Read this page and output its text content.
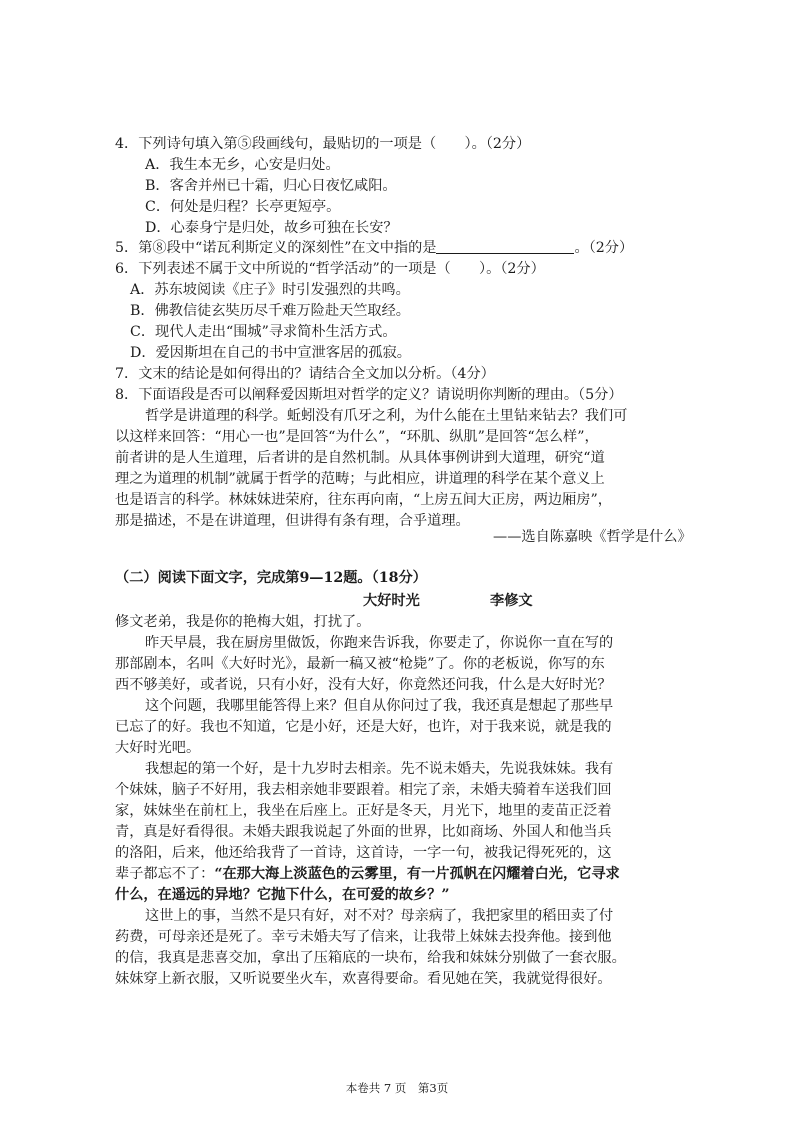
4．下列诗句填入第⑤段画线句，最贴切的一项是（　　）。（2分）
A．我生本无乡，心安是归处。
B．客舍并州已十霜，归心日夜忆咸阳。
C．何处是归程？长亭更短亭。
D．心泰身宁是归处，故乡可独在长安？
5．第⑧段中“诺瓦利斯定义的深刻性”在文中指的是	。（2分）
6．下列表述不属于文中所说的“哲学活动”的一项是（　　）。（2分）
A．苏东坡阅读《庄子》时引发强烈的共鸣。
B．佛教信徒玄奘历尽千难万险赴天竺取经。
C．现代人走出“围城”寻求简朴生活方式。
D．爱因斯坦在自己的书中宣泄客居的孤寂。
7．文末的结论是如何得出的？请结合全文加以分析。（4分）
8．下面语段是否可以阐释爱因斯坦对哲学的定义？请说明你判断的理由。（5分）
哲学是讲道理的科学。蚯蚓没有爪牙之利，为什么能在土里钻来钻去？我们可
以这样来回答：“用心一也”是回答“为什么”，“环肌、纵肌”是回答“怎么样”，
前者讲的是人生道理，后者讲的是自然机制。从具体事例讲到大道理，研究“道
理之为道理的机制”就属于哲学的范畴；与此相应，讲道理的科学在某个意义上
也是语言的科学。林妹妹进荣府，往东再向南，“上房五间大正房，两边厢房”，
那是描述，不是在讲道理，但讲得有条有理，合乎道理。
——选自陈嘉映《哲学是什么》
（二）阅读下面文字，完成第9—12题。（18分）
大好时光	李修文
修文老弟，我是你的艳梅大姐，打扰了。
昨天早晨，我在厨房里做饭，你跑来告诉我，你要走了，你说你一直在写的
那部剧本，名叫《大好时光》，最新一稿又被“枪毙”了。你的老板说，你写的东
西不够美好，或者说，只有小好，没有大好，你竟然还问我，什么是大好时光？
这个问题，我哪里能答得上来？但自从你问过了我，我还真是想起了那些早
已忘了的好。我也不知道，它是小好，还是大好，也许，对于我来说，就是我的
大好时光吧。
我想起的第一个好，是十九岁时去相亲。先不说未婚夫，先说我妹妹。我有
个妹妹，脑子不好用，我去相亲她非要跟着。相完了亲，未婚夫骑着车送我们回
家，妹妹坐在前杠上，我坐在后座上。正好是冬天，月光下，地里的麦苗正泛着
青，真是好看得很。未婚夫跟我说起了外面的世界，比如商场、外国人和他当兵
的洛阳，后来，他还给我背了一首诗，这首诗，一字一句，被我记得死死的，这
辈子都忘不了：“在那大海上淡蓝色的云雾里，有一片孤帆在闪耀着白光，它寻求
什么，在遥远的异地？它抛下什么，在可爱的故乡？”
这世上的事，当然不是只有好，对不对？母亲病了，我把家里的稻田卖了付
药费，可母亲还是死了。幸亏未婚夫写了信来，让我带上妹妹去投奔他。接到他
的信，我真是悲喜交加，拿出了压箱底的一块布，给我和妹妹分别做了一套衣服。
妹妹穿上新衣服，又听说要坐火车，欢喜得要命。看见她在笑，我就觉得很好。
本卷共 7 页　第3页
